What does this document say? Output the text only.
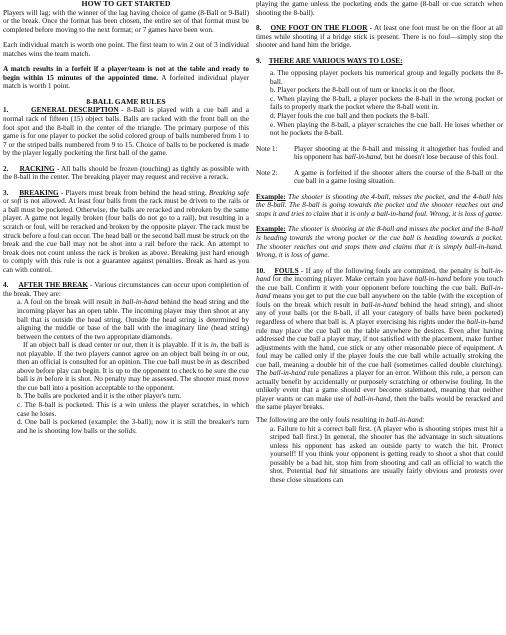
HOW TO GET STARTED

Players will lag; with the winner of the lag having choice of game (8-Ball or 9-Ball) or the break. Once the format has been chosen, the entire set of that format must be completed before moving to the next format; or 7 games have been won.

Each individual match is worth one point. The first team to win 2 out of 3 individual matches wins the team match.

A match results in a forfeit if a player/team is not at the table and ready to begin within 15 minutes of the appointed time. A forfeited individual player match is worth 1 point.

8-BALL GAME RULES
1.	GENERAL DESCRIPTION - 8-Ball is played with a cue ball and a normal rack of fifteen (15) object balls. Balls are racked with the front ball on the foot spot and the 8-ball in the center of the triangle. The primary purpose of this game is for one player to pocket the solid colored group of balls numbered from 1 to 7 or the striped balls numbered from 9 to 15. Choice of balls to be pocketed is made by the player legally pocketing the first ball of the game.

2. RACKING - All balls should be frozen (touching) as tightly as possible with the 8-ball in the center. The breaking player may request and receive a rerack.

3. BREAKING - Players must break from behind the head string. Breaking safe or soft is not allowed. At least four balls from the rack must be driven to the rails or a ball must be pocketed. Otherwise, the balls are reracked and rebroken by the same player. A game not legally broken (four balls do not go to a rail), but resulting in a scratch or foul, will be reracked and broken by the opposite player. The rack must be struck before a foul can occur. The head ball or the second ball must be struck on the break and the cue ball may not be shot into a rail before the rack. An attempt to break does not count unless the rack is broken as above. Breaking just hard enough to comply with this rule is not a guarantee against penalties. Break as hard as you can with control.

4. AFTER THE BREAK - Various circumstances can occur upon completion of the break. They are:

a. A foul on the break will result in ball-in-hand behind the head string and the incoming player has an open table. The incoming player may then shoot at any ball that is outside the head string. Outside the head string is determined by aligning the middle or base of the ball with the imaginary line (head string) between the centers of the two appropriate diamonds.

If an object ball is dead center or out, then it is playable. If it is in, the ball is not playable. If the two players cannot agree on an object ball being in or out, then an official is consulted for an opinion. The cue ball must be in as described above before play can begin. It is up to the opponent to check to be sure the cue ball is in before it is shot. No penalty may be assessed. The shooter must move the cue ball into a position acceptable to the opponent.

b. The balls are pocketed and it is the other player's turn.

c. The 8-ball is pocketed. This is a win unless the player scratches, in which case he loses.

d. One ball is pocketed (example: the 3-ball); now it is still the breaker's turn and he is shooting low balls or the solids.

playing the game unless the pocketing ends the game (8-ball or cue scratch when shooting the 8-ball).

8. ONE FOOT ON THE FLOOR - At least one foot must be on the floor at all times while shooting if a bridge stick is present. There is no foul—simply stop the shooter and hand him the bridge.

9. THERE ARE VARIOUS WAYS TO LOSE:

a. The opposing player pockets his numerical group and legally pockets the 8-ball.

b. Player pockets the 8-ball out of turn or knocks it on the floor.

c. When playing the 8-ball, a player pockets the 8-ball in the wrong pocket or fails to properly mark the pocket where the 8-ball went in.

d. Player fouls the cue ball and then pockets the 8-ball.

e. When playing the 8-ball, a player scratches the cue ball. He loses whether or not he pockets the 8-ball.

Note 1:	Player shooting at the 8-ball and missing it altogether has fouled and his opponent has ball-in-hand, but he doesn't lose because of this foul.
Note 2:	A game is forfeited if the shooter alters the course of the 8-ball or the cue ball in a game losing situation.

Example: The shooter is shooting the 4-ball, misses the pocket, and the 4-ball hits the 8-ball. The 8-ball is going towards the pocket and the shooter reaches out and stops it and tries to claim that it is only a ball-in-hand foul. Wrong, it is loss of game.

Example: The shooter is shooting at the 8-ball and misses the pocket and the 8-ball is heading towards the wrong pocket or the cue ball is heading towards a pocket. The shooter reaches out and stops them and claims that it is simply ball-in-hand. Wrong, it is loss of game.

10. FOULS - If any of the following fouls are committed, the penalty is ball-in-hand for the incoming player. Make certain you have ball-in-hand before you touch the cue ball. Confirm it with your opponent before touching the cue ball. Ball-in-hand means you get to put the cue ball anywhere on the table (with the exception of fouls on the break which result in ball-in-hand behind the head string), and shoot any of your balls (or the 8-ball, if all your category of balls have been pocketed) regardless of where that ball is. A player exercising his rights under the ball-in-hand rule may place the cue ball on the table anywhere he desires. Even after having addressed the cue ball a player may, if not satisfied with the placement, make further adjustments with the hand, cue stick or any other reasonable piece of equipment. A foul may be called only if the player fouls the cue ball while actually stroking the cue ball, meaning a double hit of the cue ball (sometimes called double clutching). The ball-in-hand rule penalizes a player for an error. Without this rule, a person can actually benefit by accidentally or purposely scratching or otherwise fouling. In the unlikely event that a game should ever become stalemated, meaning that neither player wants or can make use of ball-in-hand, then the balls would be reracked and the same player breaks.

The following are the only fouls resulting in ball-in-hand:

a. Failure to hit a correct ball first. (A player who is shooting stripes must hit a striped ball first.) In general, the shooter has the advantage in such situations unless his opponent has asked an outside party to watch the hit. Protect yourself! If you think your opponent is getting ready to shoot a shot that could possibly be a bad hit, stop him from shooting and call an official to watch the shot. Potential bad hit situations are usually fairly obvious and protests over these close situations can
